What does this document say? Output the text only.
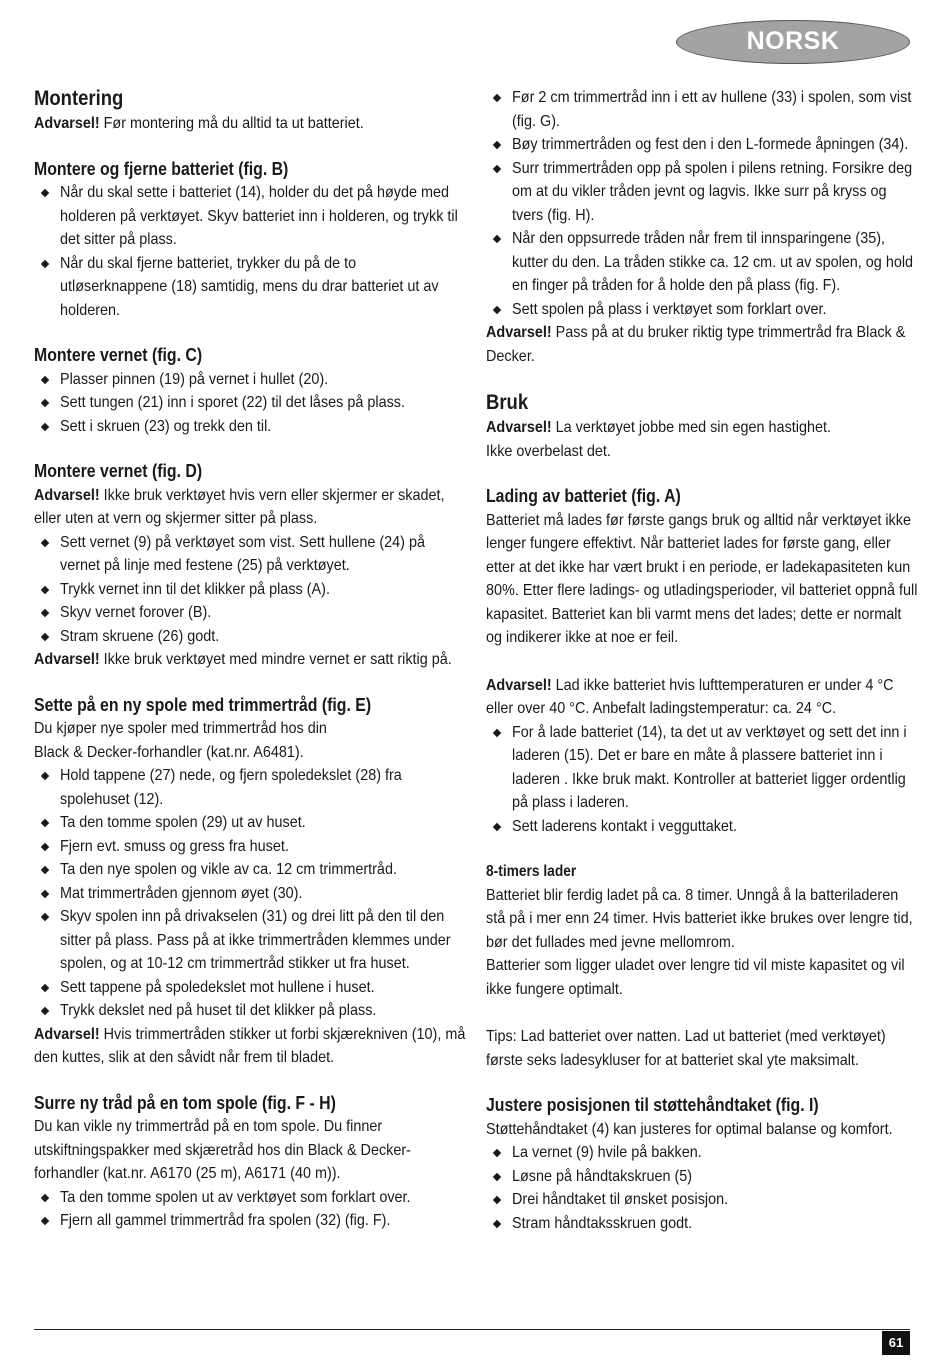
NORSK
Montering

Advarsel! Før montering må du alltid ta ut batteriet.

Montere og fjerne batteriet (fig. B)
Når du skal sette i batteriet (14), holder du det på høyde med holderen på verktøyet. Skyv batteriet inn i holderen, og trykk til det sitter på plass.
Når du skal fjerne batteriet, trykker du på de to utløserknappene (18) samtidig, mens du drar batteriet ut av holderen.
Montere vernet (fig. C)
Plasser pinnen (19) på vernet i hullet (20).
Sett tungen (21) inn i sporet (22) til det låses på plass.
Sett i skruen (23) og trekk den til.
Montere vernet (fig. D)

Advarsel! Ikke bruk verktøyet hvis vern eller skjermer er skadet, eller uten at vern og skjermer sitter på plass.

Sett vernet (9) på verktøyet som vist. Sett hullene (24) på vernet på linje med festene (25) på verktøyet.
Trykk vernet inn til det klikker på plass (A).
Skyv vernet forover (B).
Stram skruene (26) godt.

Advarsel! Ikke bruk verktøyet med mindre vernet er satt riktig på.

Sette på en ny spole med trimmertråd (fig. E)

Du kjøper nye spoler med trimmertråd hos din

Black & Decker-forhandler (kat.nr. A6481).

Hold tappene (27) nede, og fjern spoledekslet (28) fra spolehuset (12).
Ta den tomme spolen (29) ut av huset.
Fjern evt. smuss og gress fra huset.
Ta den nye spolen og vikle av ca. 12 cm trimmertråd.
Mat trimmertråden gjennom øyet (30).
Skyv spolen inn på drivakselen (31) og drei litt på den til den sitter på plass. Pass på at ikke trimmertråden klemmes under spolen, og at 10-12 cm trimmertråd stikker ut fra huset.
Sett tappene på spoledekslet mot hullene i huset.
Trykk dekslet ned på huset til det klikker på plass.

Advarsel! Hvis trimmertråden stikker ut forbi skjærekniven (10), må den kuttes, slik at den såvidt når frem til bladet.

Surre ny tråd på en tom spole (fig. F - H)

Du kan vikle ny trimmertråd på en tom spole. Du finner utskiftningspakker med skjæretråd hos din Black & Decker-forhandler (kat.nr. A6170 (25 m), A6171 (40 m)).

Ta den tomme spolen ut av verktøyet som forklart over.
Fjern all gammel trimmertråd fra spolen (32) (fig. F).
Før 2 cm trimmertråd inn i ett av hullene (33) i spolen, som vist (fig. G).
Bøy trimmertråden og fest den i den L-formede åpningen (34).
Surr trimmertråden opp på spolen i pilens retning. Forsikre deg om at du vikler tråden jevnt og lagvis. Ikke surr på kryss og tvers (fig. H).
Når den oppsurrede tråden når frem til innsparingene (35), kutter du den. La tråden stikke ca. 12 cm. ut av spolen, og hold en finger på tråden for å holde den på plass (fig. F).
Sett spolen på plass i verktøyet som forklart over.

Advarsel! Pass på at du bruker riktig type trimmertråd fra Black & Decker.

Bruk

Advarsel! La verktøyet jobbe med sin egen hastighet.

Ikke overbelast det.

Lading av batteriet (fig. A)

Batteriet må lades før første gangs bruk og alltid når verktøyet ikke lenger fungere effektivt. Når batteriet lades for første gang, eller etter at det ikke har vært brukt i en periode, er ladekapasiteten kun 80%. Etter flere ladings- og utladingsperioder, vil batteriet oppnå full kapasitet. Batteriet kan bli varmt mens det lades; dette er normalt og indikerer ikke at noe er feil.

Advarsel! Lad ikke batteriet hvis lufttemperaturen er under 4 °C eller over 40 °C. Anbefalt ladingstemperatur: ca. 24 °C.

For å lade batteriet (14), ta det ut av verktøyet og sett det inn i laderen (15). Det er bare en måte å plassere batteriet inn i laderen . Ikke bruk makt. Kontroller at batteriet ligger ordentlig på plass i laderen.
Sett laderens kontakt i vegguttaket.
8-timers lader

Batteriet blir ferdig ladet på ca. 8 timer. Unngå å la batteriladeren stå på i mer enn 24 timer. Hvis batteriet ikke brukes over lengre tid, bør det fullades med jevne mellomrom.

Batterier som ligger uladet over lengre tid vil miste kapasitet og vil ikke fungere optimalt.

Tips: Lad batteriet over natten. Lad ut batteriet (med verktøyet) første seks ladesykluser for at batteriet skal yte maksimalt.

Justere posisjonen til støttehåndtaket (fig. I)

Støttehåndtaket (4) kan justeres for optimal balanse og komfort.

La vernet (9) hvile på bakken.
Løsne på håndtakskruen (5)
Drei håndtaket til ønsket posisjon.
Stram håndtaksskruen godt.
61
